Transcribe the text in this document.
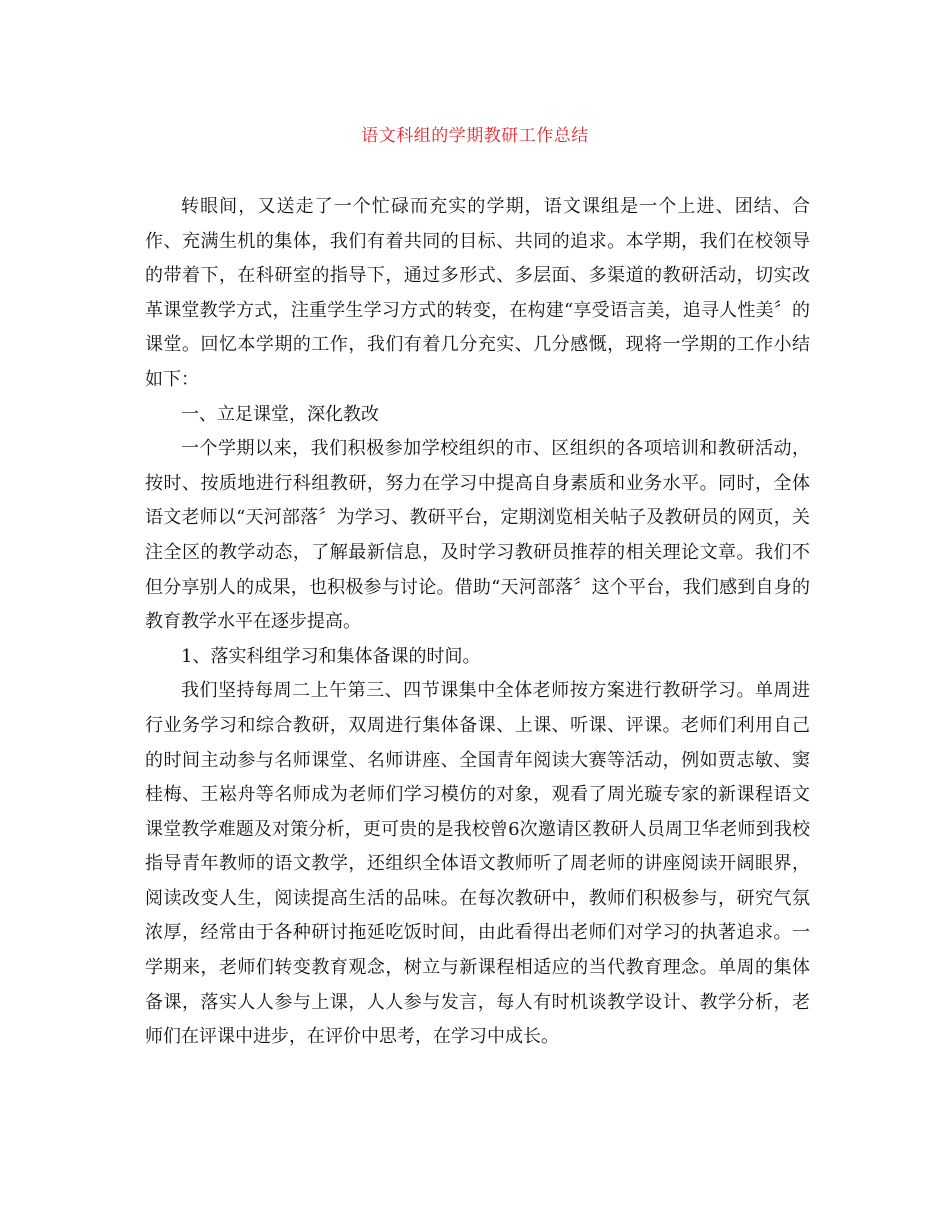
语文科组的学期教研工作总结

转眼间，又送走了一个忙碌而充实的学期，语文课组是一个上进、团结、合作、充满生机的集体，我们有着共同的目标、共同的追求。本学期，我们在校领导的带着下，在科研室的指导下，通过多形式、多层面、多渠道的教研活动，切实改革课堂教学方式，注重学生学习方式的转变，在构建“享受语言美，追寻人性美〞的课堂。回忆本学期的工作，我们有着几分充实、几分感慨，现将一学期的工作小结如下：

一、立足课堂，深化教改

一个学期以来，我们积极参加学校组织的市、区组织的各项培训和教研活动，按时、按质地进行科组教研，努力在学习中提高自身素质和业务水平。同时，全体语文老师以“天河部落〞为学习、教研平台，定期浏览相关帖子及教研员的网页，关注全区的教学动态，了解最新信息，及时学习教研员推荐的相关理论文章。我们不但分享别人的成果，也积极参与讨论。借助“天河部落〞这个平台，我们感到自身的教育教学水平在逐步提高。

1、落实科组学习和集体备课的时间。

我们坚持每周二上午第三、四节课集中全体老师按方案进行教研学习。单周进行业务学习和综合教研，双周进行集体备课、上课、听课、评课。老师们利用自己的时间主动参与名师课堂、名师讲座、全国青年阅读大赛等活动，例如贾志敏、窦桂梅、王崧舟等名师成为老师们学习模仿的对象，观看了周光璇专家的新课程语文课堂教学难题及对策分析，更可贵的是我校曾6次邀请区教研人员周卫华老师到我校指导青年教师的语文教学，还组织全体语文教师听了周老师的讲座阅读开阔眼界，阅读改变人生，阅读提高生活的品味。在每次教研中，教师们积极参与，研究气氛浓厚，经常由于各种研讨拖延吃饭时间，由此看得出老师们对学习的执著追求。一学期来，老师们转变教育观念，树立与新课程相适应的当代教育理念。单周的集体备课，落实人人参与上课，人人参与发言，每人有时机谈教学设计、教学分析，老师们在评课中进步，在评价中思考，在学习中成长。
